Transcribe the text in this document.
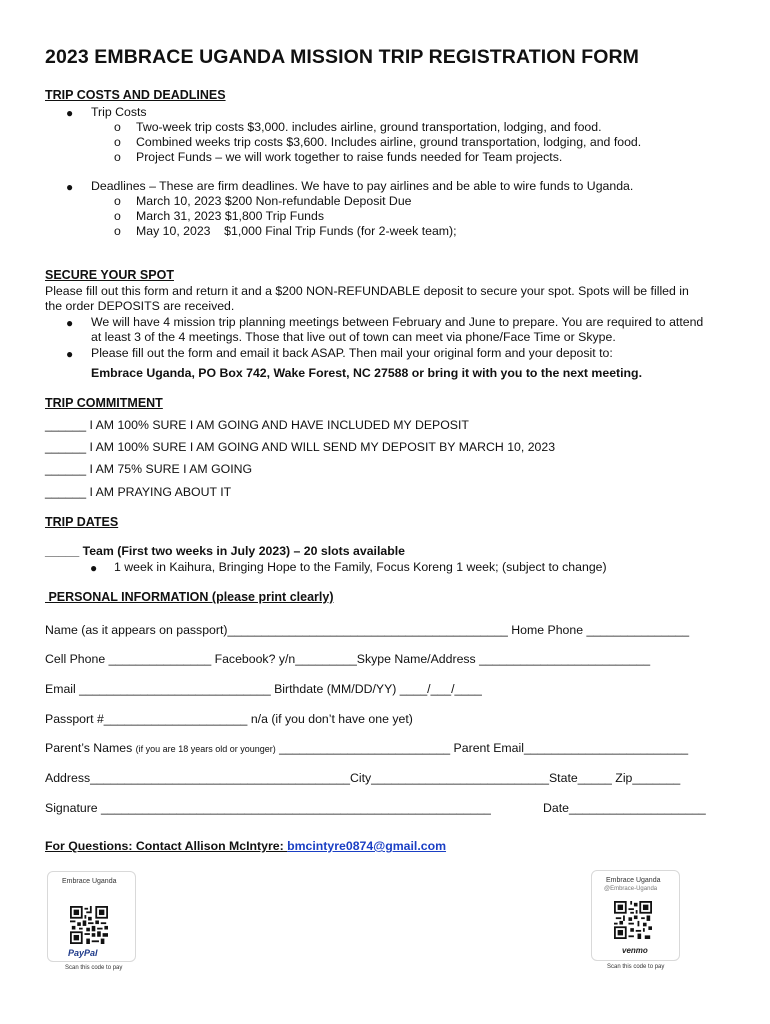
2023 EMBRACE UGANDA MISSION TRIP REGISTRATION FORM
TRIP COSTS AND DEADLINES
● Trip Costs
o Two-week trip costs $3,000. includes airline, ground transportation, lodging, and food.
o Combined weeks trip costs $3,600. Includes airline, ground transportation, lodging, and food.
o Project Funds – we will work together to raise funds needed for Team projects.
● Deadlines – These are firm deadlines. We have to pay airlines and be able to wire funds to Uganda.
o March 10, 2023 $200 Non-refundable Deposit Due
o March 31, 2023 $1,800 Trip Funds
o May 10, 2023    $1,000 Final Trip Funds (for 2-week team);
SECURE YOUR SPOT
Please fill out this form and return it and a $200 NON-REFUNDABLE deposit to secure your spot. Spots will be filled in
the order DEPOSITS are received.
● We will have 4 mission trip planning meetings between February and June to prepare. You are required to attend
at least 3 of the 4 meetings. Those that live out of town can meet via phone/Face Time or Skype.
● Please fill out the form and email it back ASAP. Then mail your original form and your deposit to:
Embrace Uganda, PO Box 742, Wake Forest, NC 27588 or bring it with you to the next meeting.
TRIP COMMITMENT
______ I AM 100% SURE I AM GOING AND HAVE INCLUDED MY DEPOSIT
______ I AM 100% SURE I AM GOING AND WILL SEND MY DEPOSIT BY MARCH 10, 2023
______ I AM 75% SURE I AM GOING
______ I AM PRAYING ABOUT IT
TRIP DATES
_____ Team (First two weeks in July 2023) – 20 slots available
● 1 week in Kaihura, Bringing Hope to the Family, Focus Koreng 1 week; (subject to change)
PERSONAL INFORMATION (please print clearly)
Name (as it appears on passport)_________________________________________ Home Phone _______________
Cell Phone _______________ Facebook? y/n_________Skype Name/Address _________________________
Email ____________________________ Birthdate (MM/DD/YY) ____/___/____
Passport #_____________________ n/a (if you don’t have one yet)
Parent’s Names (if you are 18 years old or younger) _________________________ Parent Email________________________
Address______________________________________City__________________________State_____ Zip_______
Signature _________________________________________________________	Date____________________
For Questions: Contact Allison McIntyre: bmcintyre0874@gmail.com
Embrace Uganda
PayPal
Scan this code to pay
Embrace Uganda
@Embrace-Uganda
venmo
Scan this code to pay
